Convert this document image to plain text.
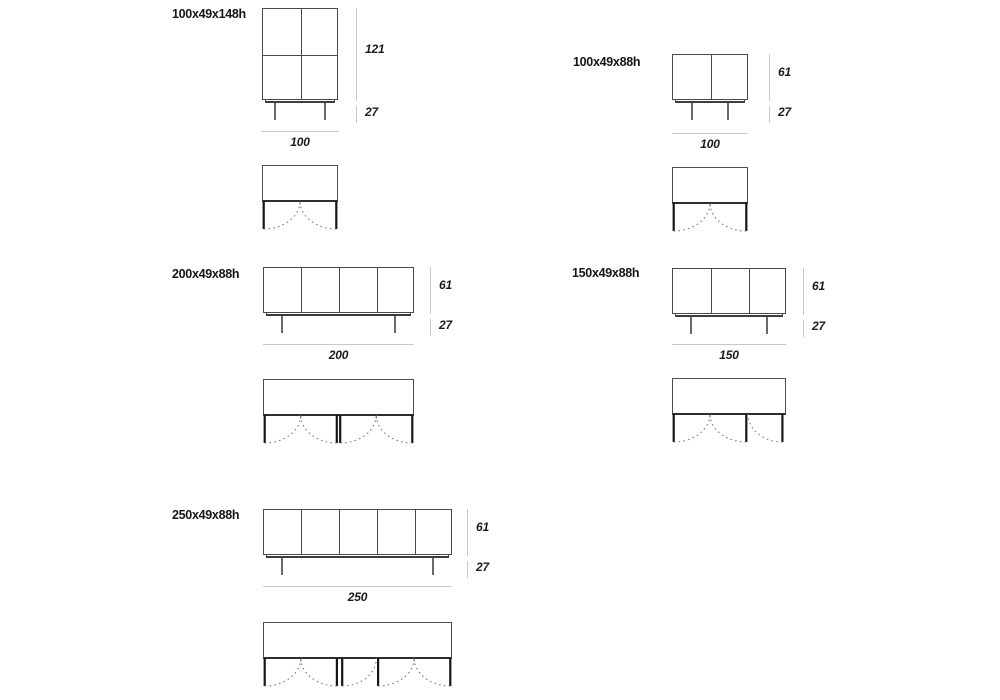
100x49x148h
121
27
100
100x49x88h
61
27
100
200x49x88h
61
27
200
150x49x88h
61
27
150
250x49x88h
61
27
250
